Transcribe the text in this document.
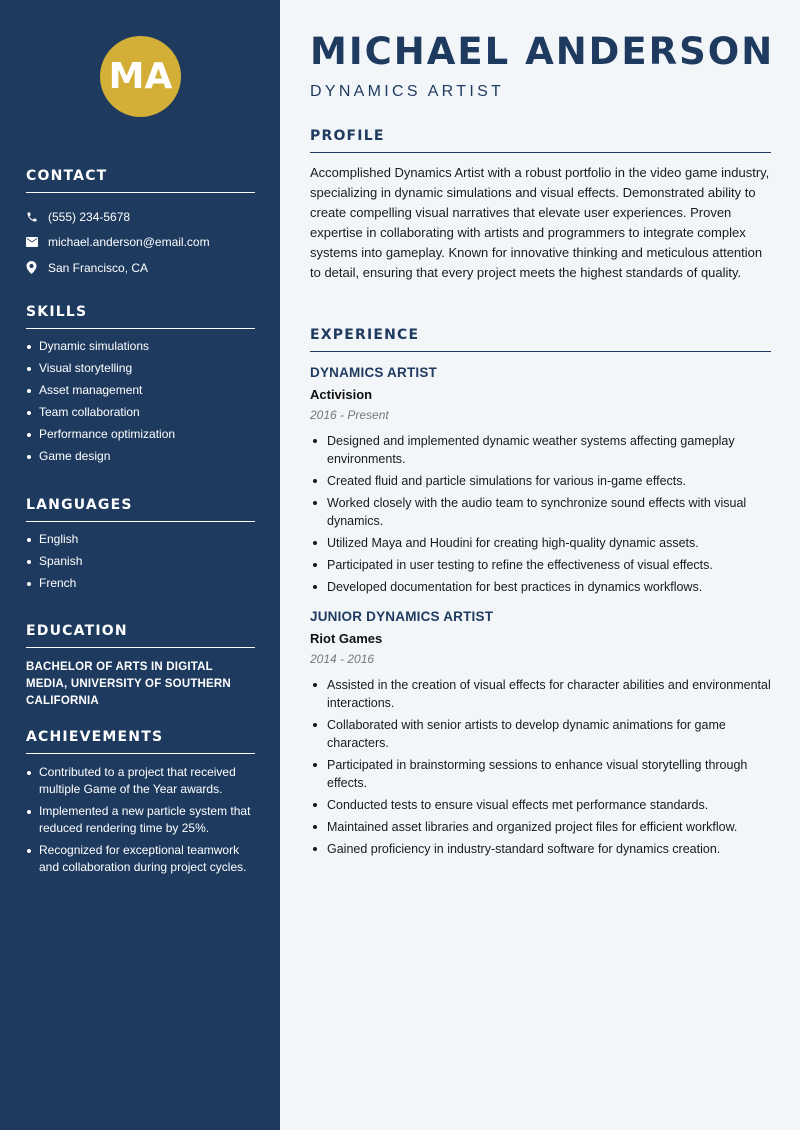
MA
CONTACT
(555) 234-5678
michael.anderson@email.com
San Francisco, CA
SKILLS
Dynamic simulations
Visual storytelling
Asset management
Team collaboration
Performance optimization
Game design
LANGUAGES
English
Spanish
French
EDUCATION
BACHELOR OF ARTS IN DIGITAL MEDIA, UNIVERSITY OF SOUTHERN CALIFORNIA
ACHIEVEMENTS
Contributed to a project that received multiple Game of the Year awards.
Implemented a new particle system that reduced rendering time by 25%.
Recognized for exceptional teamwork and collaboration during project cycles.
MICHAEL ANDERSON
DYNAMICS ARTIST
PROFILE
Accomplished Dynamics Artist with a robust portfolio in the video game industry, specializing in dynamic simulations and visual effects. Demonstrated ability to create compelling visual narratives that elevate user experiences. Proven expertise in collaborating with artists and programmers to integrate complex systems into gameplay. Known for innovative thinking and meticulous attention to detail, ensuring that every project meets the highest standards of quality.
EXPERIENCE
DYNAMICS ARTIST
Activision
2016 - Present
Designed and implemented dynamic weather systems affecting gameplay environments.
Created fluid and particle simulations for various in-game effects.
Worked closely with the audio team to synchronize sound effects with visual dynamics.
Utilized Maya and Houdini for creating high-quality dynamic assets.
Participated in user testing to refine the effectiveness of visual effects.
Developed documentation for best practices in dynamics workflows.
JUNIOR DYNAMICS ARTIST
Riot Games
2014 - 2016
Assisted in the creation of visual effects for character abilities and environmental interactions.
Collaborated with senior artists to develop dynamic animations for game characters.
Participated in brainstorming sessions to enhance visual storytelling through effects.
Conducted tests to ensure visual effects met performance standards.
Maintained asset libraries and organized project files for efficient workflow.
Gained proficiency in industry-standard software for dynamics creation.
